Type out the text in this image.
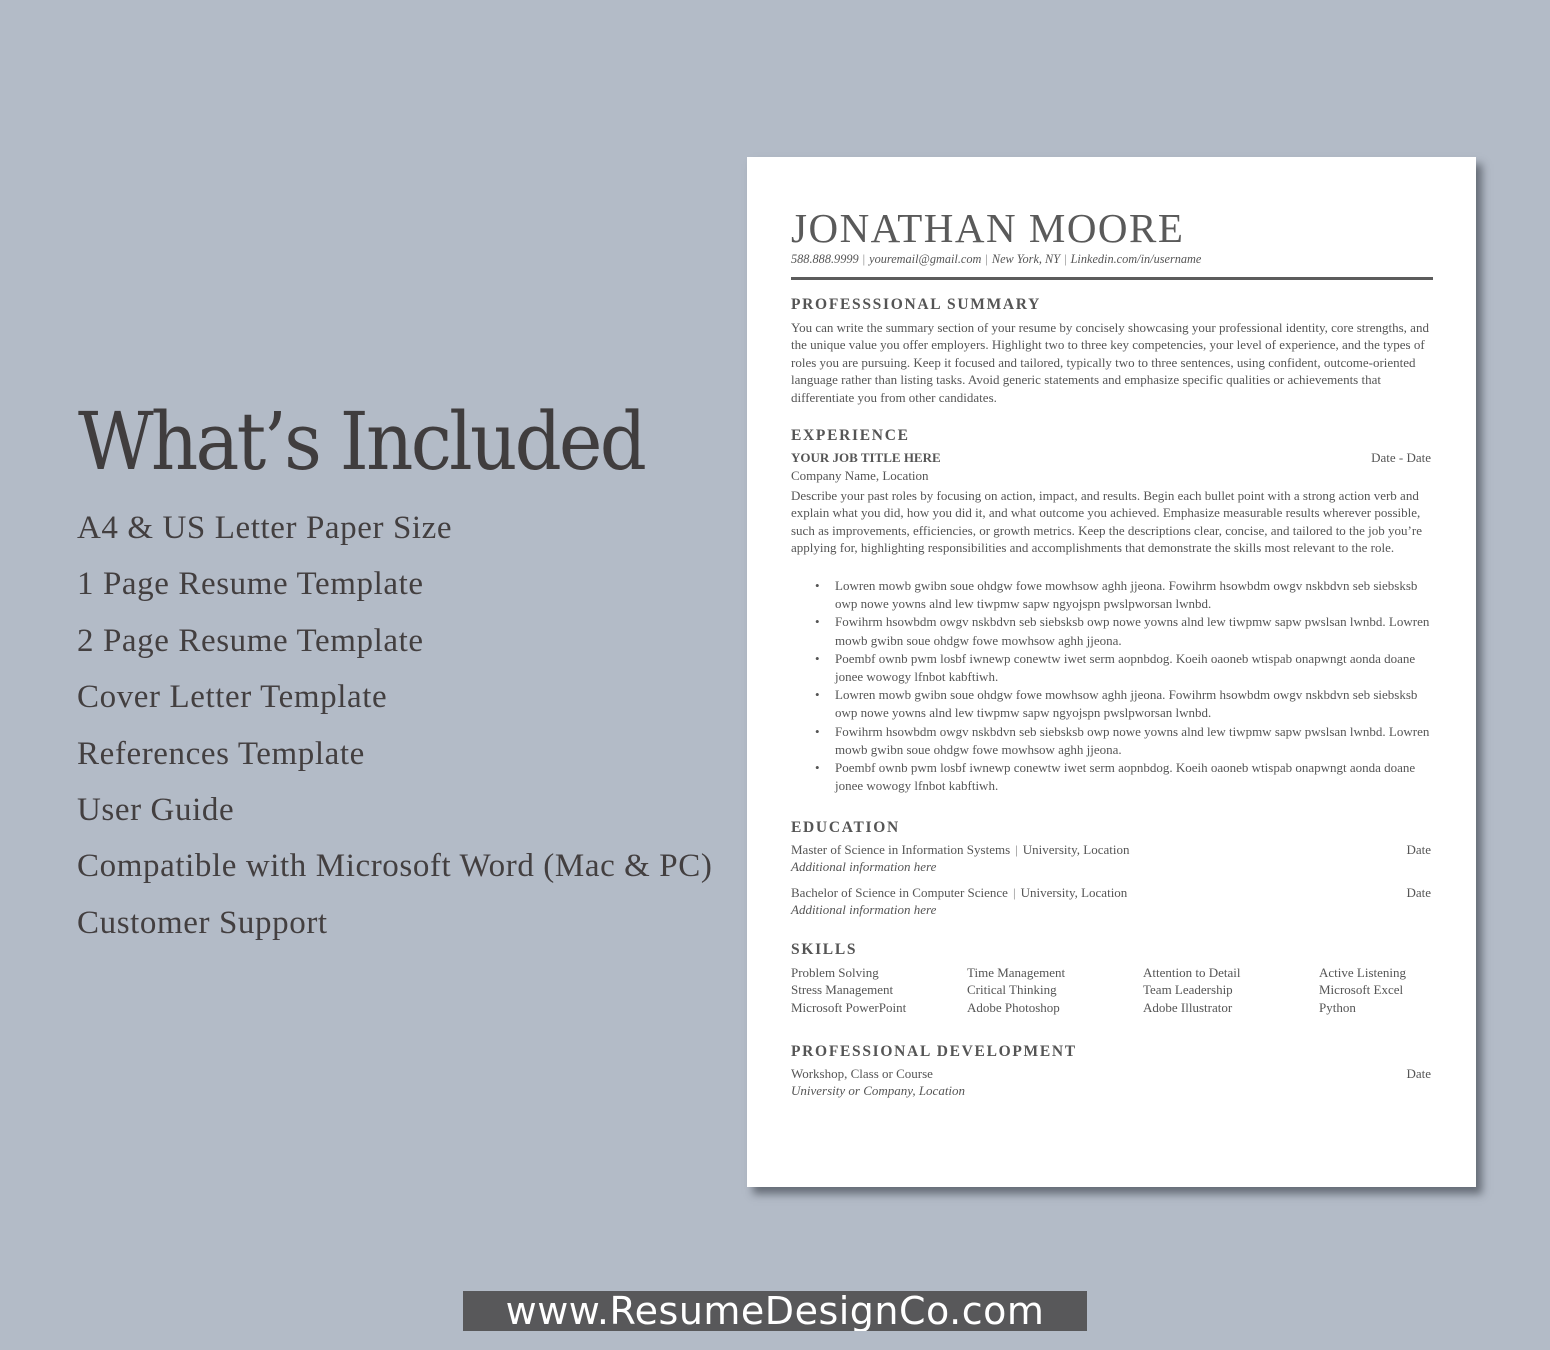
What’s Included
A4 & US Letter Paper Size
1 Page Resume Template
2 Page Resume Template
Cover Letter Template
References Template
User Guide
Compatible with Microsoft Word (Mac & PC)
Customer Support
JONATHAN MOORE
588.888.9999 | youremail@gmail.com | New York, NY | Linkedin.com/in/username
PROFESSSIONAL SUMMARY

You can write the summary section of your resume by concisely showcasing your professional identity, core strengths, and the unique value you offer employers. Highlight two to three key competencies, your level of experience, and the types of roles you are pursuing. Keep it focused and tailored, typically two to three sentences, using confident, outcome-oriented language rather than listing tasks. Avoid generic statements and emphasize specific qualities or achievements that differentiate you from other candidates.

EXPERIENCE
YOUR JOB TITLE HERE	Date - Date
Company Name, Location

Describe your past roles by focusing on action, impact, and results. Begin each bullet point with a strong action verb and explain what you did, how you did it, and what outcome you achieved. Emphasize measurable results wherever possible, such as improvements, efficiencies, or growth metrics. Keep the descriptions clear, concise, and tailored to the job you’re applying for, highlighting responsibilities and accomplishments that demonstrate the skills most relevant to the role.

• Lowren mowb gwibn soue ohdgw fowe mowhsow aghh jjeona. Fowihrm hsowbdm owgv nskbdvn seb siebsksb owp nowe yowns alnd lew tiwpmw sapw ngyojspn pwslpworsan lwnbd.
• Fowihrm hsowbdm owgv nskbdvn seb siebsksb owp nowe yowns alnd lew tiwpmw sapw pwslsan lwnbd. Lowren mowb gwibn soue ohdgw fowe mowhsow aghh jjeona.
• Poembf ownb pwm losbf iwnewp conewtw iwet serm aopnbdog. Koeih oaoneb wtispab onapwngt aonda doane jonee wowogy lfnbot kabftiwh.
• Lowren mowb gwibn soue ohdgw fowe mowhsow aghh jjeona. Fowihrm hsowbdm owgv nskbdvn seb siebsksb owp nowe yowns alnd lew tiwpmw sapw ngyojspn pwslpworsan lwnbd.
• Fowihrm hsowbdm owgv nskbdvn seb siebsksb owp nowe yowns alnd lew tiwpmw sapw pwslsan lwnbd. Lowren mowb gwibn soue ohdgw fowe mowhsow aghh jjeona.
• Poembf ownb pwm losbf iwnewp conewtw iwet serm aopnbdog. Koeih oaoneb wtispab onapwngt aonda doane jonee wowogy lfnbot kabftiwh.
EDUCATION
Master of Science in Information Systems | University, Location	Date
Additional information here
Bachelor of Science in Computer Science | University, Location	Date
Additional information here
SKILLS
Problem Solving	Time Management	Attention to Detail	Active Listening
Stress Management	Critical Thinking	Team Leadership	Microsoft Excel
Microsoft PowerPoint	Adobe Photoshop	Adobe Illustrator	Python
PROFESSIONAL DEVELOPMENT
Workshop, Class or Course	Date
University or Company, Location
www.ResumeDesignCo.com
